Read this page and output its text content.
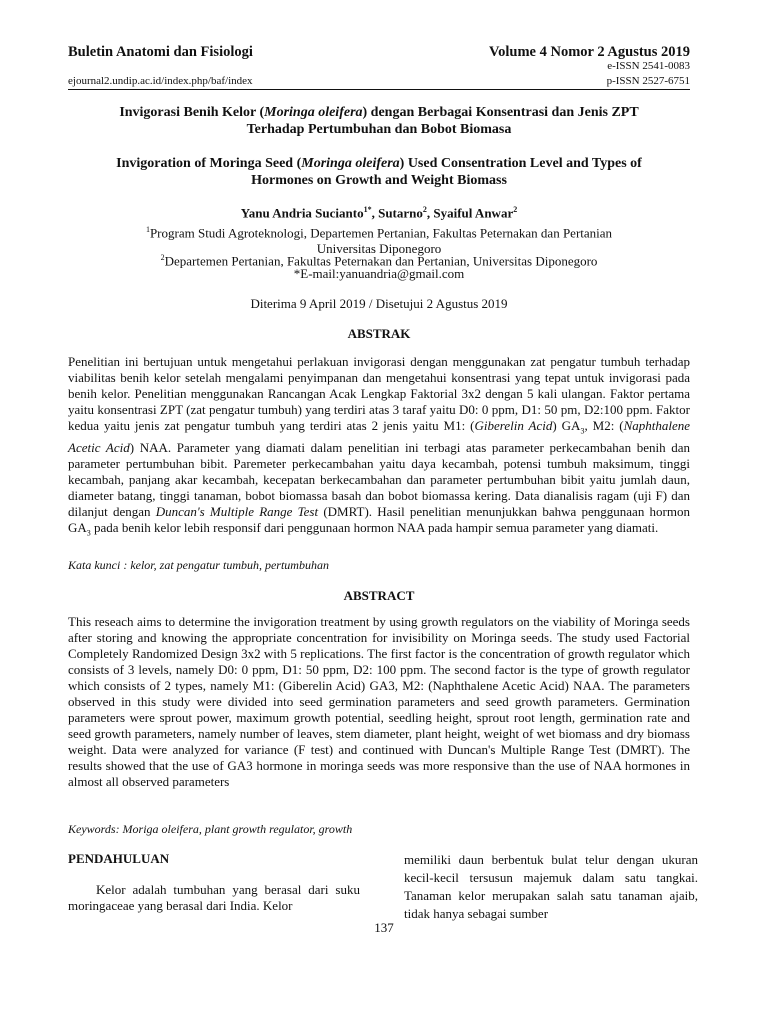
Buletin Anatomi dan Fisiologi	Volume 4 Nomor 2 Agustus 2019
e-ISSN 2541-0083
ejournal2.undip.ac.id/index.php/baf/index	p-ISSN 2527-6751
Invigorasi Benih Kelor (Moringa oleifera) dengan Berbagai Konsentrasi dan Jenis ZPT
Terhadap Pertumbuhan dan Bobot Biomasa
Invigoration of Moringa Seed (Moringa oleifera) Used Consentration Level and Types of
Hormones on Growth and Weight Biomass
Yanu Andria Sucianto$^{1*}$, Sutarno$^2$, Syaiful Anwar$^2$
$^1$Program Studi Agroteknologi, Departemen Pertanian, Fakultas Peternakan dan Pertanian
Universitas Diponegoro
$^2$Departemen Pertanian, Fakultas Peternakan dan Pertanian, Universitas Diponegoro
*E-mail:yanuandria@gmail.com
Diterima 9 April 2019 / Disetujui 2 Agustus 2019
ABSTRAK
Penelitian ini bertujuan untuk mengetahui perlakuan invigorasi dengan menggunakan zat pengatur tumbuh terhadap viabilitas benih kelor setelah mengalami penyimpanan dan mengetahui konsentrasi yang tepat untuk invigorasi pada benih kelor. Penelitian menggunakan Rancangan Acak Lengkap Faktorial 3x2 dengan 5 kali ulangan. Faktor pertama yaitu konsentrasi ZPT (zat pengatur tumbuh) yang terdiri atas 3 taraf yaitu D0: 0 ppm, D1: 50 pm, D2:100 ppm. Faktor kedua yaitu jenis zat pengatur tumbuh yang terdiri atas 2 jenis yaitu M1: (Giberelin Acid) $GA_3$, M2: (Naphthalene Acetic Acid) NAA. Parameter yang diamati dalam penelitian ini terbagi atas parameter perkecambahan benih dan parameter pertumbuhan bibit. Paremeter perkecambahan yaitu daya kecambah, potensi tumbuh maksimum, tinggi kecambah, panjang akar kecambah, kecepatan berkecambahan dan parameter pertumbuhan bibit yaitu jumlah daun, diameter batang, tinggi tanaman, bobot biomassa basah dan bobot biomassa kering. Data dianalisis ragam (uji F) dan dilanjut dengan Duncan's Multiple Range Test (DMRT). Hasil penelitian menunjukkan bahwa penggunaan hormon $GA_3$ pada benih kelor lebih responsif dari penggunaan hormon NAA pada hampir semua parameter yang diamati.
Kata kunci : kelor, zat pengatur tumbuh, pertumbuhan
ABSTRACT
This reseach aims to determine the invigoration treatment by using growth regulators on the viability of Moringa seeds after storing and knowing the appropriate concentration for invisibility on Moringa seeds. The study used Factorial Completely Randomized Design 3x2 with 5 replications. The first factor is the concentration of growth regulator which consists of 3 levels, namely D0: 0 ppm, D1: 50 ppm, D2: 100 ppm. The second factor is the type of growth regulator which consists of 2 types, namely M1: (Giberelin Acid) GA3, M2: (Naphthalene Acetic Acid) NAA. The parameters observed in this study were divided into seed germination parameters and seed growth parameters. Germination parameters were sprout power, maximum growth potential, seedling height, sprout root length, germination rate and seed growth parameters, namely number of leaves, stem diameter, plant height, weight of wet biomass and dry biomass weight. Data were analyzed for variance (F test) and continued with Duncan's Multiple Range Test (DMRT). The results showed that the use of GA3 hormone in moringa seeds was more responsive than the use of NAA hormones in almost all observed parameters
Keywords: Moriga oleifera, plant growth regulator, growth
PENDAHULUAN
Kelor adalah tumbuhan yang berasal dari suku moringaceae yang berasal dari India. Kelor
memiliki daun berbentuk bulat telur dengan ukuran kecil-kecil tersusun majemuk dalam satu tangkai. Tanaman kelor merupakan salah satu tanaman ajaib, tidak hanya sebagai sumber
137
